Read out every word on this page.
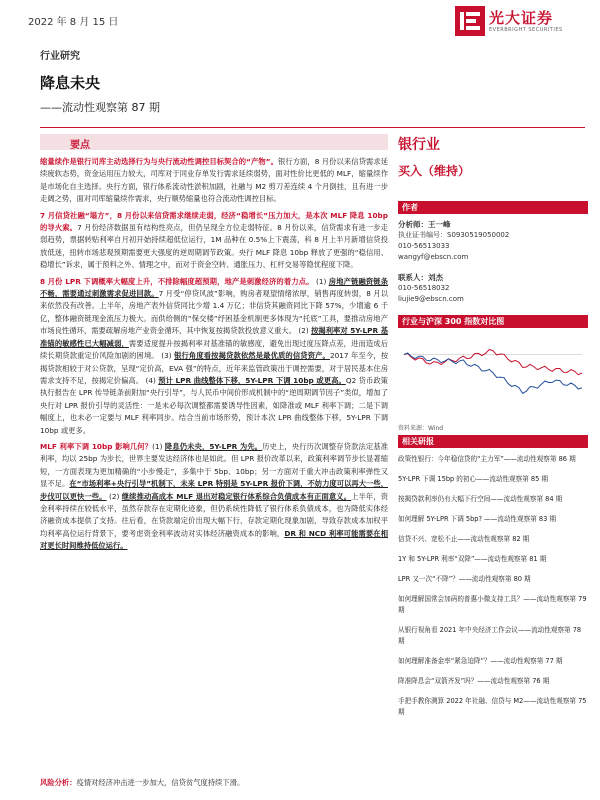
2022 年 8 月 15 日	光大证券
EVERBRIGHT SECURITIES
行业研究
降息未央
——流动性观察第 87 期
要点

缩量续作是银行司库主动选择行为与央行流动性调控目标契合的“产物”。银行方面，8 月份以来信贷需求延续疲软态势，资金运用压力较大，司库对于同业存单发行需求延续弱势，面对性价比更低的 MLF，缩量续作是市场化自主选择。央行方面，银行体系流动性淤积加剧，社融与 M2 剪刀差连续 4 个月倒挂，且有进一步走阔之势，面对司库缩量续作需求，央行顺势缩量也符合流动性调控目标。

7 月信贷社融“塌方”，8 月份以来信贷需求继续走弱，经济“稳增长”压力加大，是本次 MLF 降息 10bp 的导火索。7 月份经济数据虽有结构性亮点，但仍呈现全方位走弱特征。8 月份以来，信贷需求有进一步走弱趋势，票据转贴利率自月初开始持续超低位运行，1M 品种在 0.5%上下震荡，科 8 月上半月新增信贷投放低迷，扭转市场悲观预期需要更大强度的逆周期调节政策。央行 MLF 降息 10bp 释放了更强的“稳信用、稳增长”诉求，属于预料之外、情理之中，而对于资金空转、通胀压力、杠杆交易等隐忧程度下降。

8 月份 LPR 下调概率大幅度上升，不排除幅度超预期，地产是刺激经济的着力点。 (1) 房地产链融资链条不畅，需要通过刺激需求促进回款。7 月受“停贷风波”影响，购房者观望情绪浓厚，销售再度转弱，8 月以来依然没有改善。上半年，房地产表外信贷同比少增 1.4 万亿；非信贷其融资同比下降 57%，少增逾 6 千亿，整体融资链现金流压力极大。而供给侧的“保交楼”纾困基金机制更多体现为“托底”工具，要推动房地产市场良性循环，需要疏解房地产业资金循环，其中恢复按揭贷款投放意义重大。 (2) 按揭利率对 5Y-LPR 基准锚的敏感性已大幅减弱，需要适度提升按揭利率对基准锚的敏感度，避免出现过度压降点差，进而造成后续长期贷款重定价风险加剧的困境。 (3) 银行角度看按揭贷款依然是最优质的信贷资产。2017 年至今，按揭贷款相较于对公贷款，呈现“定价高，EVA 强”的特点，近年来监管政策出于调控需要，对于居民基本住房需求支持不足，按揭定价偏高。 (4) 预计 LPR 曲线整体下移，5Y-LPR 下调 10bp 或更高。Q2 货币政策执行报告在 LPR 传导链条前附加“央行引导”，与人民币中间价形成机制中的“逆周期调节因子”类似，增加了央行对 LPR 报价引导的灵活性：一是未必每次调整都需要诱导性因素，如降准或 MLF 利率下调；二是下调幅度上，也未必一定要与 MLF 利率同步。结合当前市场形势，预计本次 LPR 曲线整体下移，5Y-LPR 下调 10bp 或更多。

MLF 利率下调 10bp 影响几何？(1) 降息仍未央，5Y-LPR 为先。历史上，央行历次调整存贷款法定基准利率，均以 25bp 为步长，世界主要发达经济体也是如此。但 LPR 报价改革以来，政策利率调节步长显著缩短，一方面表现为更加精确的“小步慢走”，多集中于 5bp、10bp；另一方面对于重大冲击政策利率弹性又显不足。在“市场利率+央行引导”机制下，未来 LPR 特别是 5Y-LPR 报价下调，不妨力度可以再大一些，步伐可以更快一些。 (2) 继续推动高成本 MLF 退出对稳定银行体系综合负债成本有正面意义。上半年，资金利率持续在较低水平，虽然存款存在定期化迹象，但仍系统性降低了银行体系负债成本，也为降低实体经济融资成本提供了支持。往后看，在贷款端定价出现大幅下行、存款定期化现象加剧，导致存款成本加权平均利率高位运行背景下，要考虑资金利率波动对实体经济融资成本的影响，DR 和 NCD 利率可能需要在相对更长时间维持低位运行。

风险分析：疫情对经济冲击进一步加大，信贷贫气度持续下滑。
银行业
买入（维持）
作者
分析师：王一峰
执业证书编号：S0930519050002
010-56513033
wangyf@ebscn.com
联系人：刘杰
010-56518032
liujie9@ebscn.com
行业与沪深 300 指数对比图
资料来源：Wind
相关研报
政策性银行：今年稳信贷的“主力军”——流动性观察第 86 期
5Y-LPR 下调 15bp 的初心——流动性观察第 85 期
按揭贷款利率仍有大幅下行空间——流动性观察第 84 期
如何理解 5Y-LPR 下调 5bp? ——流动性观察第 83 期
信贷不兴、宽松不止——流动性观察第 82 期
1Y 和 5Y-LPR 利率“双降”——流动性观察第 81 期
LPR 又一次“不降”？——流动性观察第 80 期
如何理解国常会加码的普惠小微支持工具？——流动性观察第 79 期
从银行视角看 2021 年中央经济工作会议——流动性观察第 78 期
如何理解准备金率“紧急迫降”？——流动性观察第 77 期
降准降息会“双箭齐发”吗？——流动性观察第 76 期
手把手教你测算 2022 年社融、信贷与 M2——流动性观察第 75 期
